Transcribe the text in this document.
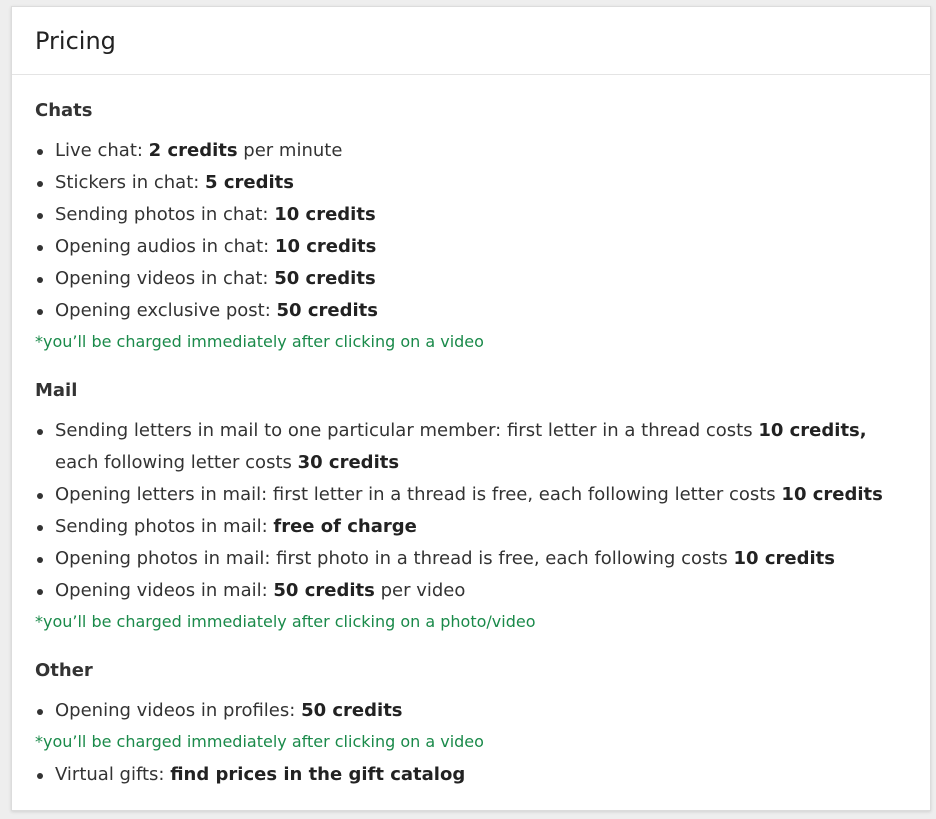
Pricing
Chats
Live chat: 2 credits per minute
Stickers in chat: 5 credits
Sending photos in chat: 10 credits
Opening audios in chat: 10 credits
Opening videos in chat: 50 credits
Opening exclusive post: 50 credits

*you’ll be charged immediately after clicking on a video

Mail
Sending letters in mail to one particular member: first letter in a thread costs 10 credits, each following letter costs 30 credits
Opening letters in mail: first letter in a thread is free, each following letter costs 10 credits
Sending photos in mail: free of charge
Opening photos in mail: first photo in a thread is free, each following costs 10 credits
Opening videos in mail: 50 credits per video

*you’ll be charged immediately after clicking on a photo/video

Other
Opening videos in profiles: 50 credits

*you’ll be charged immediately after clicking on a video

Virtual gifts: find prices in the gift catalog
